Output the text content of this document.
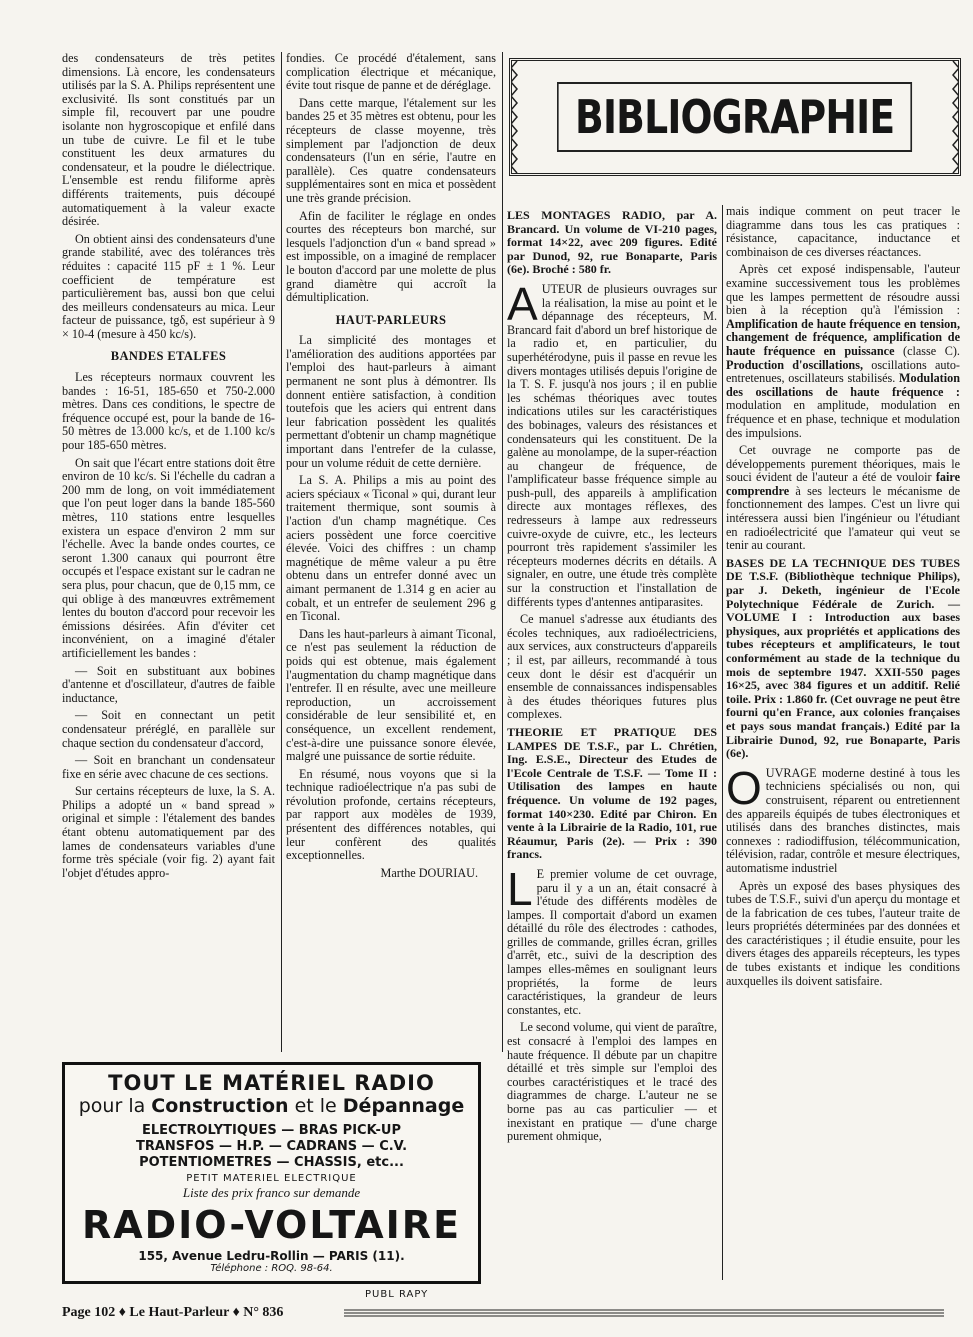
des condensateurs de très petites dimensions. Là encore, les condensateurs utilisés par la S. A. Philips représentent une exclusivité. Ils sont constitués par un simple fil, recouvert par une poudre isolante non hygroscopique et enfilé dans un tube de cuivre. Le fil et le tube constituent les deux armatures du condensateur, et la poudre le diélectrique. L'ensemble est rendu filiforme après différents traitements, puis découpé automatiquement à la valeur exacte désirée.

On obtient ainsi des condensateurs d'une grande stabilité, avec des tolérances très réduites : capacité 115 pF ± 1 %. Leur coefficient de température est particulièrement bas, aussi bon que celui des meilleurs condensateurs au mica. Leur facteur de puissance, tgδ, est supérieur à 9 × 10-4 (mesure à 450 kc/s).

BANDES ETALFES

Les récepteurs normaux couvrent les bandes : 16-51, 185-650 et 750-2.000 mètres. Dans ces conditions, le spectre de fréquence occupé est, pour la bande de 16-50 mètres de 13.000 kc/s, et de 1.100 kc/s pour 185-650 mètres.

On sait que l'écart entre stations doit être environ de 10 kc/s. Si l'échelle du cadran a 200 mm de long, on voit immédiatement que l'on peut loger dans la bande 185-560 mètres, 110 stations entre lesquelles existera un espace d'environ 2 mm sur l'échelle. Avec la bande ondes courtes, ce seront 1.300 canaux qui pourront être occupés et l'espace existant sur le cadran ne sera plus, pour chacun, que de 0,15 mm, ce qui oblige à des manœuvres extrêmement lentes du bouton d'accord pour recevoir les émissions désirées. Afin d'éviter cet inconvénient, on a imaginé d'étaler artificiellement les bandes :

— Soit en substituant aux bobines d'antenne et d'oscillateur, d'autres de faible inductance,

— Soit en connectant un petit condensateur préréglé, en parallèle sur chaque section du condensateur d'accord,

— Soit en branchant un condensateur fixe en série avec chacune de ces sections.

Sur certains récepteurs de luxe, la S. A. Philips a adopté un « band spread » original et simple : l'étalement des bandes étant obtenu automatiquement par des lames de condensateurs variables d'une forme très spéciale (voir fig. 2) ayant fait l'objet d'études appro-

fondies. Ce procédé d'étalement, sans complication électrique et mécanique, évite tout risque de panne et de déréglage.

Dans cette marque, l'étalement sur les bandes 25 et 35 mètres est obtenu, pour les récepteurs de classe moyenne, très simplement par l'adjonction de deux condensateurs (l'un en série, l'autre en parallèle). Ces quatre condensateurs supplémentaires sont en mica et possèdent une très grande précision.

Afin de faciliter le réglage en ondes courtes des récepteurs bon marché, sur lesquels l'adjonction d'un « band spread » est impossible, on a imaginé de remplacer le bouton d'accord par une molette de plus grand diamètre qui accroît la démultiplication.

HAUT-PARLEURS

La simplicité des montages et l'amélioration des auditions apportées par l'emploi des haut-parleurs à aimant permanent ne sont plus à démontrer. Ils donnent entière satisfaction, à condition toutefois que les aciers qui entrent dans leur fabrication possèdent les qualités permettant d'obtenir un champ magnétique important dans l'entrefer de la culasse, pour un volume réduit de cette dernière.

La S. A. Philips a mis au point des aciers spéciaux « Ticonal » qui, durant leur traitement thermique, sont soumis à l'action d'un champ magnétique. Ces aciers possèdent une force coercitive élevée. Voici des chiffres : un champ magnétique de même valeur a pu être obtenu dans un entrefer donné avec un aimant permanent de 1.314 g en acier au cobalt, et un entrefer de seulement 296 g en Ticonal.

Dans les haut-parleurs à aimant Ticonal, ce n'est pas seulement la réduction de poids qui est obtenue, mais également l'augmentation du champ magnétique dans l'entrefer. Il en résulte, avec une meilleure reproduction, un accroissement considérable de leur sensibilité et, en conséquence, un excellent rendement, c'est-à-dire une puissance sonore élevée, malgré une puissance de sortie réduite.

En résumé, nous voyons que si la technique radioélectrique n'a pas subi de révolution profonde, certains récepteurs, par rapport aux modèles de 1939, présentent des différences notables, qui leur confèrent des qualités exceptionnelles.

Marthe DOURIAU.
BIBLIOGRAPHIE

LES MONTAGES RADIO, par A. Brancard. Un volume de VI-210 pages, format 14×22, avec 209 figures. Edité par Dunod, 92, rue Bonaparte, Paris (6e). Broché : 580 fr.

AUTEUR de plusieurs ouvrages sur la réalisation, la mise au point et le dépannage des récepteurs, M. Brancard fait d'abord un bref historique de la radio et, en particulier, du superhétérodyne, puis il passe en revue les divers montages utilisés depuis l'origine de la T. S. F. jusqu'à nos jours ; il en publie les schémas théoriques avec toutes indications utiles sur les caractéristiques des bobinages, valeurs des résistances et condensateurs qui les constituent. De la galène au monolampe, de la super-réaction au changeur de fréquence, de l'amplificateur basse fréquence simple au push-pull, des appareils à amplification directe aux montages réflexes, des redresseurs à lampe aux redresseurs cuivre-oxyde de cuivre, etc., les lecteurs pourront très rapidement s'assimiler les récepteurs modernes décrits en détails. A signaler, en outre, une étude très complète sur la construction et l'installation de différents types d'antennes antiparasites.

Ce manuel s'adresse aux étudiants des écoles techniques, aux radioélectriciens, aux services, aux constructeurs d'appareils ; il est, par ailleurs, recommandé à tous ceux dont le désir est d'acquérir un ensemble de connaissances indispensables à des études théoriques futures plus complexes.

THEORIE ET PRATIQUE DES LAMPES DE T.S.F., par L. Chrétien, Ing. E.S.E., Directeur des Etudes de l'Ecole Centrale de T.S.F. — Tome II : Utilisation des lampes en haute fréquence. Un volume de 192 pages, format 140×230. Edité par Chiron. En vente à la Librairie de la Radio, 101, rue Réaumur, Paris (2e). — Prix : 390 francs.

L E premier volume de cet ouvrage, paru il y a un an, était consacré à l'étude des différents modèles de lampes. Il comportait d'abord un examen détaillé du rôle des électrodes : cathodes, grilles de commande, grilles écran, grilles d'arrêt, etc., suivi de la description des lampes elles-mêmes en soulignant leurs propriétés, la forme de leurs caractéristiques, la grandeur de leurs constantes, etc.

Le second volume, qui vient de paraître, est consacré à l'emploi des lampes en haute fréquence. Il débute par un chapitre détaillé et très simple sur l'emploi des courbes caractéristiques et le tracé des diagrammes de charge. L'auteur ne se borne pas au cas particulier — et inexistant en pratique — d'une charge purement ohmique,

mais indique comment on peut tracer le diagramme dans tous les cas pratiques : résistance, capacitance, inductance et combinaison de ces diverses réactances.

Après cet exposé indispensable, l'auteur examine successivement tous les problèmes que les lampes permettent de résoudre aussi bien à la réception qu'à l'émission : Amplification de haute fréquence en tension, changement de fréquence, amplification de haute fréquence en puissance (classe C). Production d'oscillations, oscillations auto-entretenues, oscillateurs stabilisés. Modulation des oscillations de haute fréquence : modulation en amplitude, modulation en fréquence et en phase, technique et modulation des impulsions.

Cet ouvrage ne comporte pas de développements purement théoriques, mais le souci évident de l'auteur a été de vouloir faire comprendre à ses lecteurs le mécanisme de fonctionnement des lampes. C'est un livre qui intéressera aussi bien l'ingénieur ou l'étudiant en radioélectricité que l'amateur qui veut se tenir au courant.

BASES DE LA TECHNIQUE DES TUBES DE T.S.F. (Bibliothèque technique Philips), par J. Deketh, ingénieur de l'Ecole Polytechnique Fédérale de Zurich. — VOLUME I : Introduction aux bases physiques, aux propriétés et applications des tubes récepteurs et amplificateurs, le tout conformément au stade de la technique du mois de septembre 1947. XXII-550 pages 16×25, avec 384 figures et un additif. Relié toile. Prix : 1.860 fr. (Cet ouvrage ne peut être fourni qu'en France, aux colonies françaises et pays sous mandat français.) Edité par la Librairie Dunod, 92, rue Bonaparte, Paris (6e).

OUVRAGE moderne destiné à tous les techniciens spécialisés ou non, qui construisent, réparent ou entretiennent des appareils équipés de tubes électroniques et utilisés dans des branches distinctes, mais connexes : radiodiffusion, télécommunication, télévision, radar, contrôle et mesure électriques, automatisme industriel

Après un exposé des bases physiques des tubes de T.S.F., suivi d'un aperçu du montage et de la fabrication de ces tubes, l'auteur traite de leurs propriétés déterminées par des données et des caractéristiques ; il étudie ensuite, pour les divers étages des appareils récepteurs, les types de tubes existants et indique les conditions auxquelles ils doivent satisfaire.

TOUT LE MATÉRIEL RADIO
pour la Construction et le Dépannage
ELECTROLYTIQUES — BRAS PICK-UP
TRANSFOS — H.P. — CADRANS — C.V.
POTENTIOMETRES — CHASSIS, etc...
PETIT MATERIEL ELECTRIQUE
Liste des prix franco sur demande
RADIO-VOLTAIRE
155, Avenue Ledru-Rollin — PARIS (11).
Téléphone : ROQ. 98-64.
PUBL RAPY
Page 102 ♦ Le Haut-Parleur ♦ N° 836
